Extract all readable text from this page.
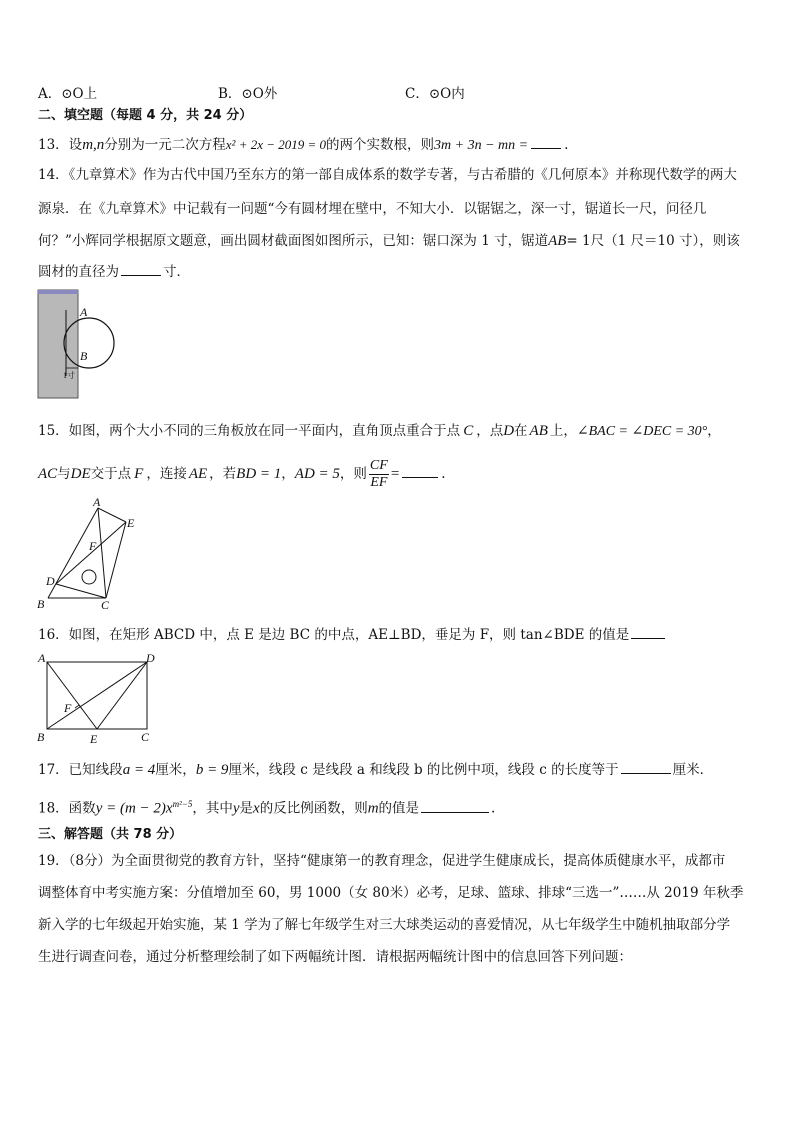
A．⊙O上	B．⊙O外	C．⊙O内
二、填空题（每题 4 分，共 24 分）
13．设m,n分别为一元二次方程x² + 2x − 2019 = 0的两个实数根，则3m + 3n − mn =	.
14．《九章算术》作为古代中国乃至东方的第一部自成体系的数学专著，与古希腊的《几何原本》并称现代数学的两大
源泉．在《九章算术》中记载有一问题“今有圆材埋在壁中，不知大小．以锯锯之，深一寸，锯道长一尺，问径几
何？”小辉同学根据原文题意，画出圆材截面图如图所示，已知：锯口深为 1 寸，锯道AB= 1尺（1 尺＝10 寸），则该
圆材的直径为	寸．
A
B
1寸
15．如图，两个大小不同的三角板放在同一平面内，直角顶点重合于点 C ，点D在 AB 上，∠BAC = ∠DEC = 30°，
AC与DE交于点 F ，连接 AE ，若BD = 1，AD = 5，则 $\frac{CF}{EF}$ =	.
A
E
F
D
B	C
16．如图，在矩形 ABCD 中，点 E 是边 BC 的中点，AE⊥BD，垂足为 F，则 tan∠BDE 的值是
A	D
F
B	E	C
17．已知线段a = 4厘米，b = 9厘米，线段 c 是线段 a 和线段 b 的比例中项，线段 c 的长度等于	厘米．
18．函数$y = (m - 2)x^{m^2-5}$，其中y是x的反比例函数，则m的值是	.
三、解答题（共 78 分）
19．（8分）为全面贯彻党的教育方针，坚持“健康第一的教育理念，促进学生健康成长，提高体质健康水平，成都市
调整体育中考实施方案：分值增加至 60，男 1000（女 80米）必考，足球、篮球、排球“三选一”……从 2019 年秋季
新入学的七年级起开始实施，某 1 学为了解七年级学生对三大球类运动的喜爱情况，从七年级学生中随机抽取部分学
生进行调查问卷，通过分析整理绘制了如下两幅统计图．请根据两幅统计图中的信息回答下列问题：
